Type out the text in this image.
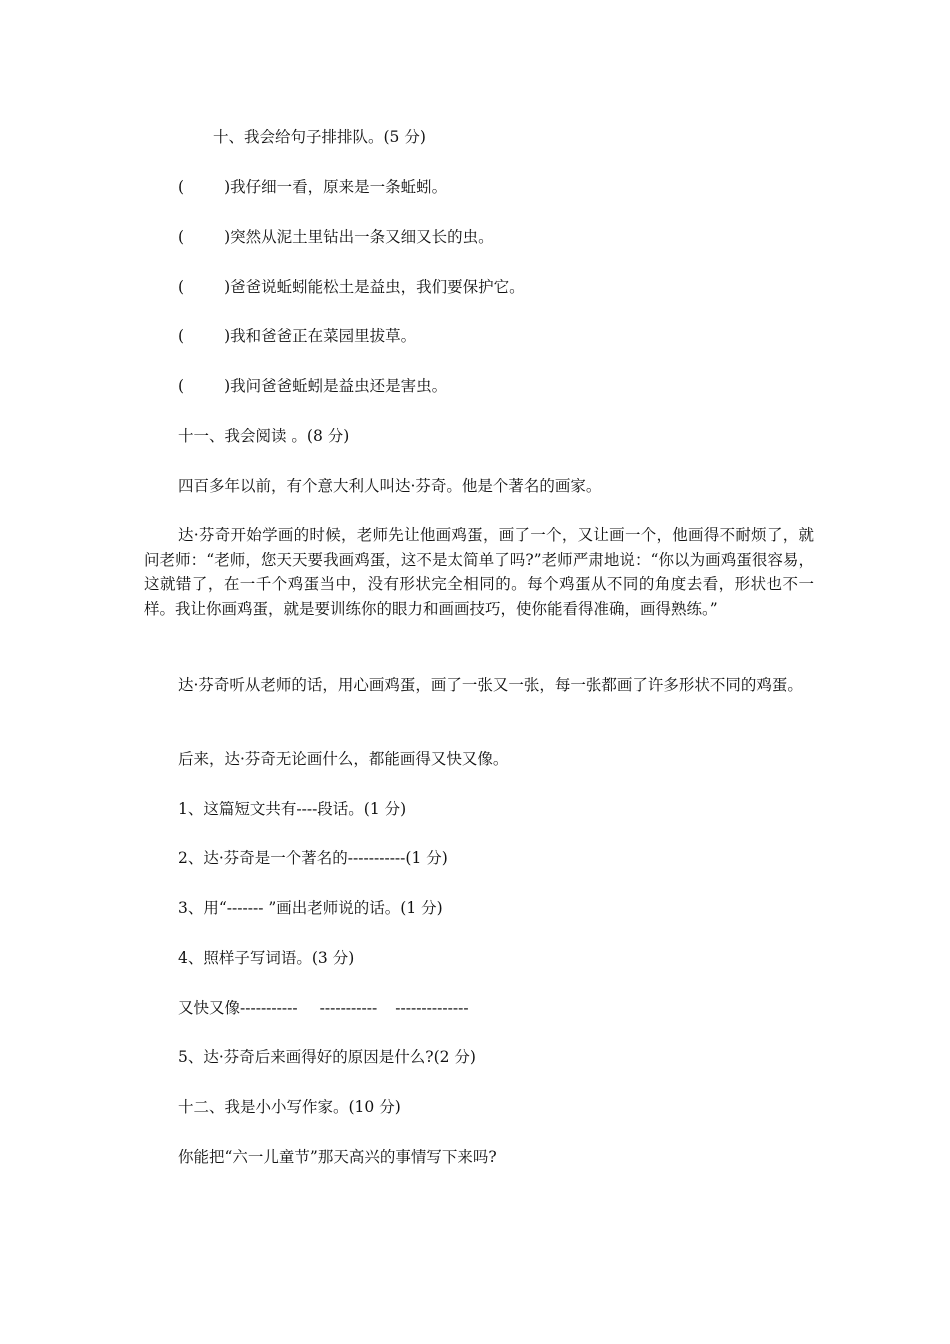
十、我会给句子排排队。(5 分)
(	)我仔细一看，原来是一条蚯蚓。
(	)突然从泥土里钻出一条又细又长的虫。
(	)爸爸说蚯蚓能松土是益虫，我们要保护它。
(	)我和爸爸正在菜园里拔草。
(	)我问爸爸蚯蚓是益虫还是害虫。
十一、我会阅读 。(8 分)
四百多年以前，有个意大利人叫达·芬奇。他是个著名的画家。
达·芬奇开始学画的时候，老师先让他画鸡蛋，画了一个，又让画一个，他画得不耐烦了，就问老师：“老师，您天天要我画鸡蛋，这不是太简单了吗?”老师严肃地说：“你以为画鸡蛋很容易，这就错了，在一千个鸡蛋当中，没有形状完全相同的。每个鸡蛋从不同的角度去看，形状也不一样。我让你画鸡蛋，就是要训练你的眼力和画画技巧，使你能看得准确，画得熟练。”
达·芬奇听从老师的话，用心画鸡蛋，画了一张又一张，每一张都画了许多形状不同的鸡蛋。
后来，达·芬奇无论画什么，都能画得又快又像。
1、这篇短文共有----段话。(1 分)
2、达·芬奇是一个著名的-----------(1 分)
3、用“------- ”画出老师说的话。(1 分)
4、照样子写词语。(3 分)
又快又像----------- ----------- --------------
5、达·芬奇后来画得好的原因是什么?(2 分)
十二、我是小小写作家。(10 分)
你能把“六一儿童节”那天高兴的事情写下来吗?
